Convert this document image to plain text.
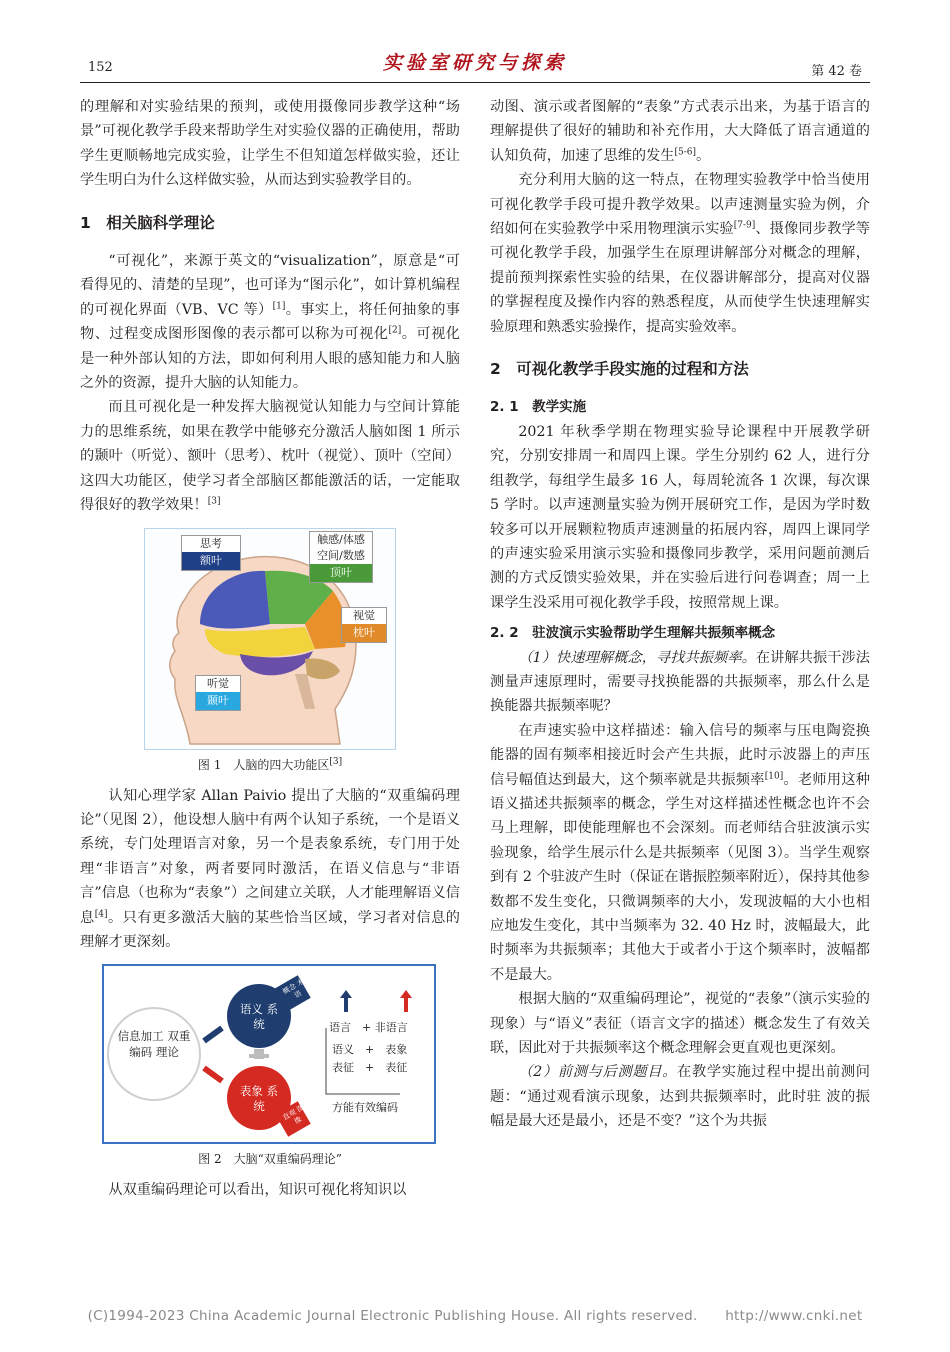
152	实验室研究与探索	第 42 卷

的理解和对实验结果的预判，或使用摄像同步教学这种“场景”可视化教学手段来帮助学生对实验仪器的正确使用，帮助学生更顺畅地完成实验，让学生不但知道怎样做实验，还让学生明白为什么这样做实验，从而达到实验教学目的。

1　相关脑科学理论

“可视化”，来源于英文的“visualization”，原意是“可看得见的、清楚的呈现”，也可译为“图示化”，如计算机编程的可视化界面（VB、VC 等）[1]。事实上，将任何抽象的事物、过程变成图形图像的表示都可以称为可视化[2]。可视化是一种外部认知的方法，即如何利用人眼的感知能力和人脑之外的资源，提升大脑的认知能力。

而且可视化是一种发挥大脑视觉认知能力与空间计算能力的思维系统，如果在教学中能够充分激活人脑如图 1 所示的颞叶（听觉）、额叶（思考）、枕叶（视觉）、顶叶（空间）这四大功能区，使学习者全部脑区都能激活的话，一定能取得很好的教学效果！[3]

思考
额叶
触感/体感
空间/数感
顶叶
视觉
枕叶
听觉
颞叶
图 1　人脑的四大功能区[3]

认知心理学家 Allan Paivio 提出了大脑的“双重编码理论”（见图 2），他设想人脑中有两个认知子系统，一个是语义系统，专门处理语言对象，另一个是表象系统，专门用于处理“非语言”对象，两者要同时激活，在语义信息与“非语言”信息（也称为“表象”）之间建立关联，人才能理解语义信息[4]。只有更多激活大脑的某些恰当区域，学习者对信息的理解才更深刻。

信息加工 双重编码 理论
语义 系统
表象 系统
概念 术语
直观 图像
语言　+ 非语言
语义　+　表象
表征　+　表征
方能有效编码
图 2　大脑“双重编码理论”

从双重编码理论可以看出，知识可视化将知识以

动图、演示或者图解的“表象”方式表示出来，为基于语言的理解提供了很好的辅助和补充作用，大大降低了语言通道的认知负荷，加速了思维的发生[5-6]。

充分利用大脑的这一特点，在物理实验教学中恰当使用可视化教学手段可提升教学效果。以声速测量实验为例，介绍如何在实验教学中采用物理演示实验[7-9]、摄像同步教学等可视化教学手段，加强学生在原理讲解部分对概念的理解，提前预判探索性实验的结果，在仪器讲解部分，提高对仪器的掌握程度及操作内容的熟悉程度，从而使学生快速理解实验原理和熟悉实验操作，提高实验效率。

2　可视化教学手段实施的过程和方法

2. 1　教学实施

2021 年秋季学期在物理实验导论课程中开展教学研究，分别安排周一和周四上课。学生分别约 62 人，进行分组教学，每组学生最多 16 人，每周轮流各 1 次课，每次课 5 学时。以声速测量实验为例开展研究工作，是因为学时数较多可以开展颗粒物质声速测量的拓展内容，周四上课同学的声速实验采用演示实验和摄像同步教学，采用问题前测后测的方式反馈实验效果，并在实验后进行问卷调查；周一上课学生没采用可视化教学手段，按照常规上课。

2. 2　驻波演示实验帮助学生理解共振频率概念

（1）快速理解概念，寻找共振频率。在讲解共振干涉法测量声速原理时，需要寻找换能器的共振频率，那么什么是换能器共振频率呢？

在声速实验中这样描述：输入信号的频率与压电陶瓷换能器的固有频率相接近时会产生共振，此时示波器上的声压信号幅值达到最大，这个频率就是共振频率[10]。老师用这种语义描述共振频率的概念，学生对这样描述性概念也许不会马上理解，即使能理解也不会深刻。而老师结合驻波演示实验现象，给学生展示什么是共振频率（见图 3）。当学生观察到有 2 个驻波产生时（保证在谐振腔频率附近），保持其他参数都不发生变化，只微调频率的大小，发现波幅的大小也相应地发生变化，其中当频率为 32. 40 Hz 时，波幅最大，此时频率为共振频率；其他大于或者小于这个频率时，波幅都不是最大。

根据大脑的“双重编码理论”，视觉的“表象”（演示实验的现象）与“语义”表征（语言文字的描述）概念发生了有效关联，因此对于共振频率这个概念理解会更直观也更深刻。

（2）前测与后测题目。在教学实施过程中提出前测问题：“通过观看演示现象，达到共振频率时，此时驻 波的振幅是最大还是最小，还是不变？”这个为共振

(C)1994-2023 China Academic Journal Electronic Publishing House. All rights reserved.　　http://www.cnki.net
